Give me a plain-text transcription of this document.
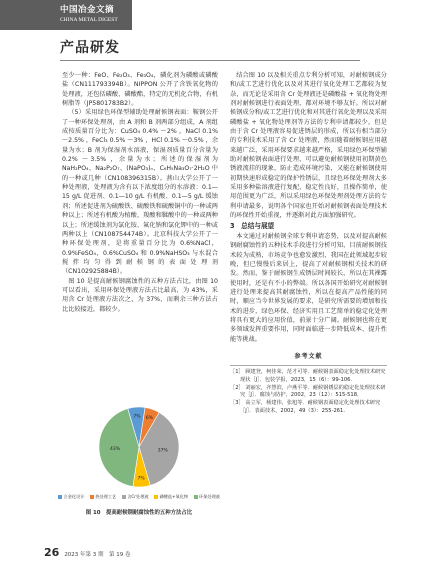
中国冶金文摘
CHINA METAL DIGEST
产品研发

至少一种：FeO、Fe₂O₃、Fe₃O₄，磷化剂为磷酸或磷酸盐（CN111793394B）。NIPPON 公开了含铁氧化物的处理液，还包括磷酸、磷酸酯，特定的无机化合物，有机树脂等（JP5801783B2）。

（5）采用绿色环保型辅助处理耐候钢表面：鞍钢公开了一种环保处理剂，由 A 剂和 B 剂两部分组成，A 剂组成按质量百分比为：CuSO₄ 0.4% ～2% ，NaCl 0.1% ～2.5% ，FeCl₃ 0.5% ～3% ，HCl 0.1% ～0.5% ，余量为水；B 剂为保湿剂水溶液，保湿剂质量百分含量为 0.2% ～3.5% ，余量为水；所述的保湿剂为 NaH₂PO₄、Na₂P₂O₇、(NaPO₃)ₙ、C₆H₅Na₃O₇·2H₂O 中的一种或几种（CN108396315B）。燕山大学公开了一种处理液，处理液为含有以下浓度组分的水溶液：0.1—15 g/L 促进剂、0.1—10 g/L 有机酸、0.1—5 g/L 缓蚀剂；所述促进剂为硫酸铁、硫酸铁和硫酸铜中的一种或两种以上；所述有机酸为植酸、羧酸和鞣酸中的一种或两种以上；所述缓蚀剂为氯化铵、氟化钠和氯化钾中的一种或两种以上（CN108754474B）。北京科技大学公开了一种环保处理剂，是将重量百分比为 0.6%NaCl，0.9%FeSO₄，0.6%CuSO₄ 和 0.9%NaHSO₃ 与水混合搅拌均匀得到耐候钢的表面处理剂（CN102925884B）。

图 10 是提高耐候钢腐蚀性的五种方法占比，由图 10 可以看出，采用环保处理液方法占比最高，为 43%，采用含 Cr 处理液方法次之，为 37%，而剩余三种方法占比比较接近，都较少。

7% 6%
37%
7%
43%
合金化设计	热处理工艺	含Cr处理液	磷酸盐+氧化物	环保处理液
图 10　提高耐候钢耐腐蚀性的五种方法占比

结合图 10 以及相关重点专利分析可知，对耐候钢成分和/或工艺进行优化以及对其进行氧化处理工艺都较为复杂，而无论是采用含 Cr 处理液还是磷酸盐 + 氧化物处理剂对耐候钢进行表面处理，都对环境不够友好。所以对耐候钢成分和/或工艺进行优化和对其进行氧化处理以及采用磷酸盐 + 氧化物处理剂等方法的专利申请都较少，但是由于含 Cr 处理液容易促进锈层的形成，所以有相当部分的专利技术采用了含 Cr 处理液，然而随着耐候钢应用越来越广泛，采用环保要求越来越严格，采用绿色环保型辅助对耐候钢表面进行处理，可以避免耐候钢使用初期黄色锈液流挂的现象，防止造成环境污染，又能在耐候钢使用初期快速形成稳定的保护性锈层，且绿色环保处理剂大多采用多种盐溶液进行复配，稳定性良好，且操作简单，使用范围更为广泛，所以采用绿色环保处理剂处理方法的专利申请最多，说明各个国家也开始对耐候钢表面处理技术的环保性开始重视，并逐渐对此方面加强研究。

3　总结与展望

本文通过对耐候钢全球专利申请态势，以及对提高耐候钢耐腐蚀性的五种技术手段进行分析可知，目前耐候钢技术较为成熟，市场竞争也愈发激烈，我国在此领域起步较晚，但已慢慢后来居上，提高了对耐候钢相关技术的研发。然而，鉴于耐候钢生成锈层时间较长，所以在其裸露使用时，还是有不小的弊端。所以各国开始研究对耐候钢进行处理来提高其耐腐蚀性，所以在提高产品性能的同时，顺应当今世界发展的要求，是研究所需要的增加和技术的进步，绿色环保、经济实用且工艺简单的稳定化处理将具有更大的应用价值，前景十分广阔。耐候钢也将在更多领域发挥重要作用，同时面临进一步降低成本、提升性能等挑战。

参考文献
［1］ 顾建登，柯佳荣，范才可等．耐候钢表面稳定化处理技术研究现状［J］．包装学报，2023，15（6）：99-106.
［2］ 刘丽宏，齐慧滨，卢燕平等．耐候钢锈层的稳定化处理技术研究［J］．腐蚀与防护，2002，23（12）：515-518.
［3］ 高立军，杨建伟，张旭等．耐候钢表面稳定化处理技术研究［J］．表面技术，2002，49（3）：255-261.
26 2023 年第 3 期　第 19 卷
